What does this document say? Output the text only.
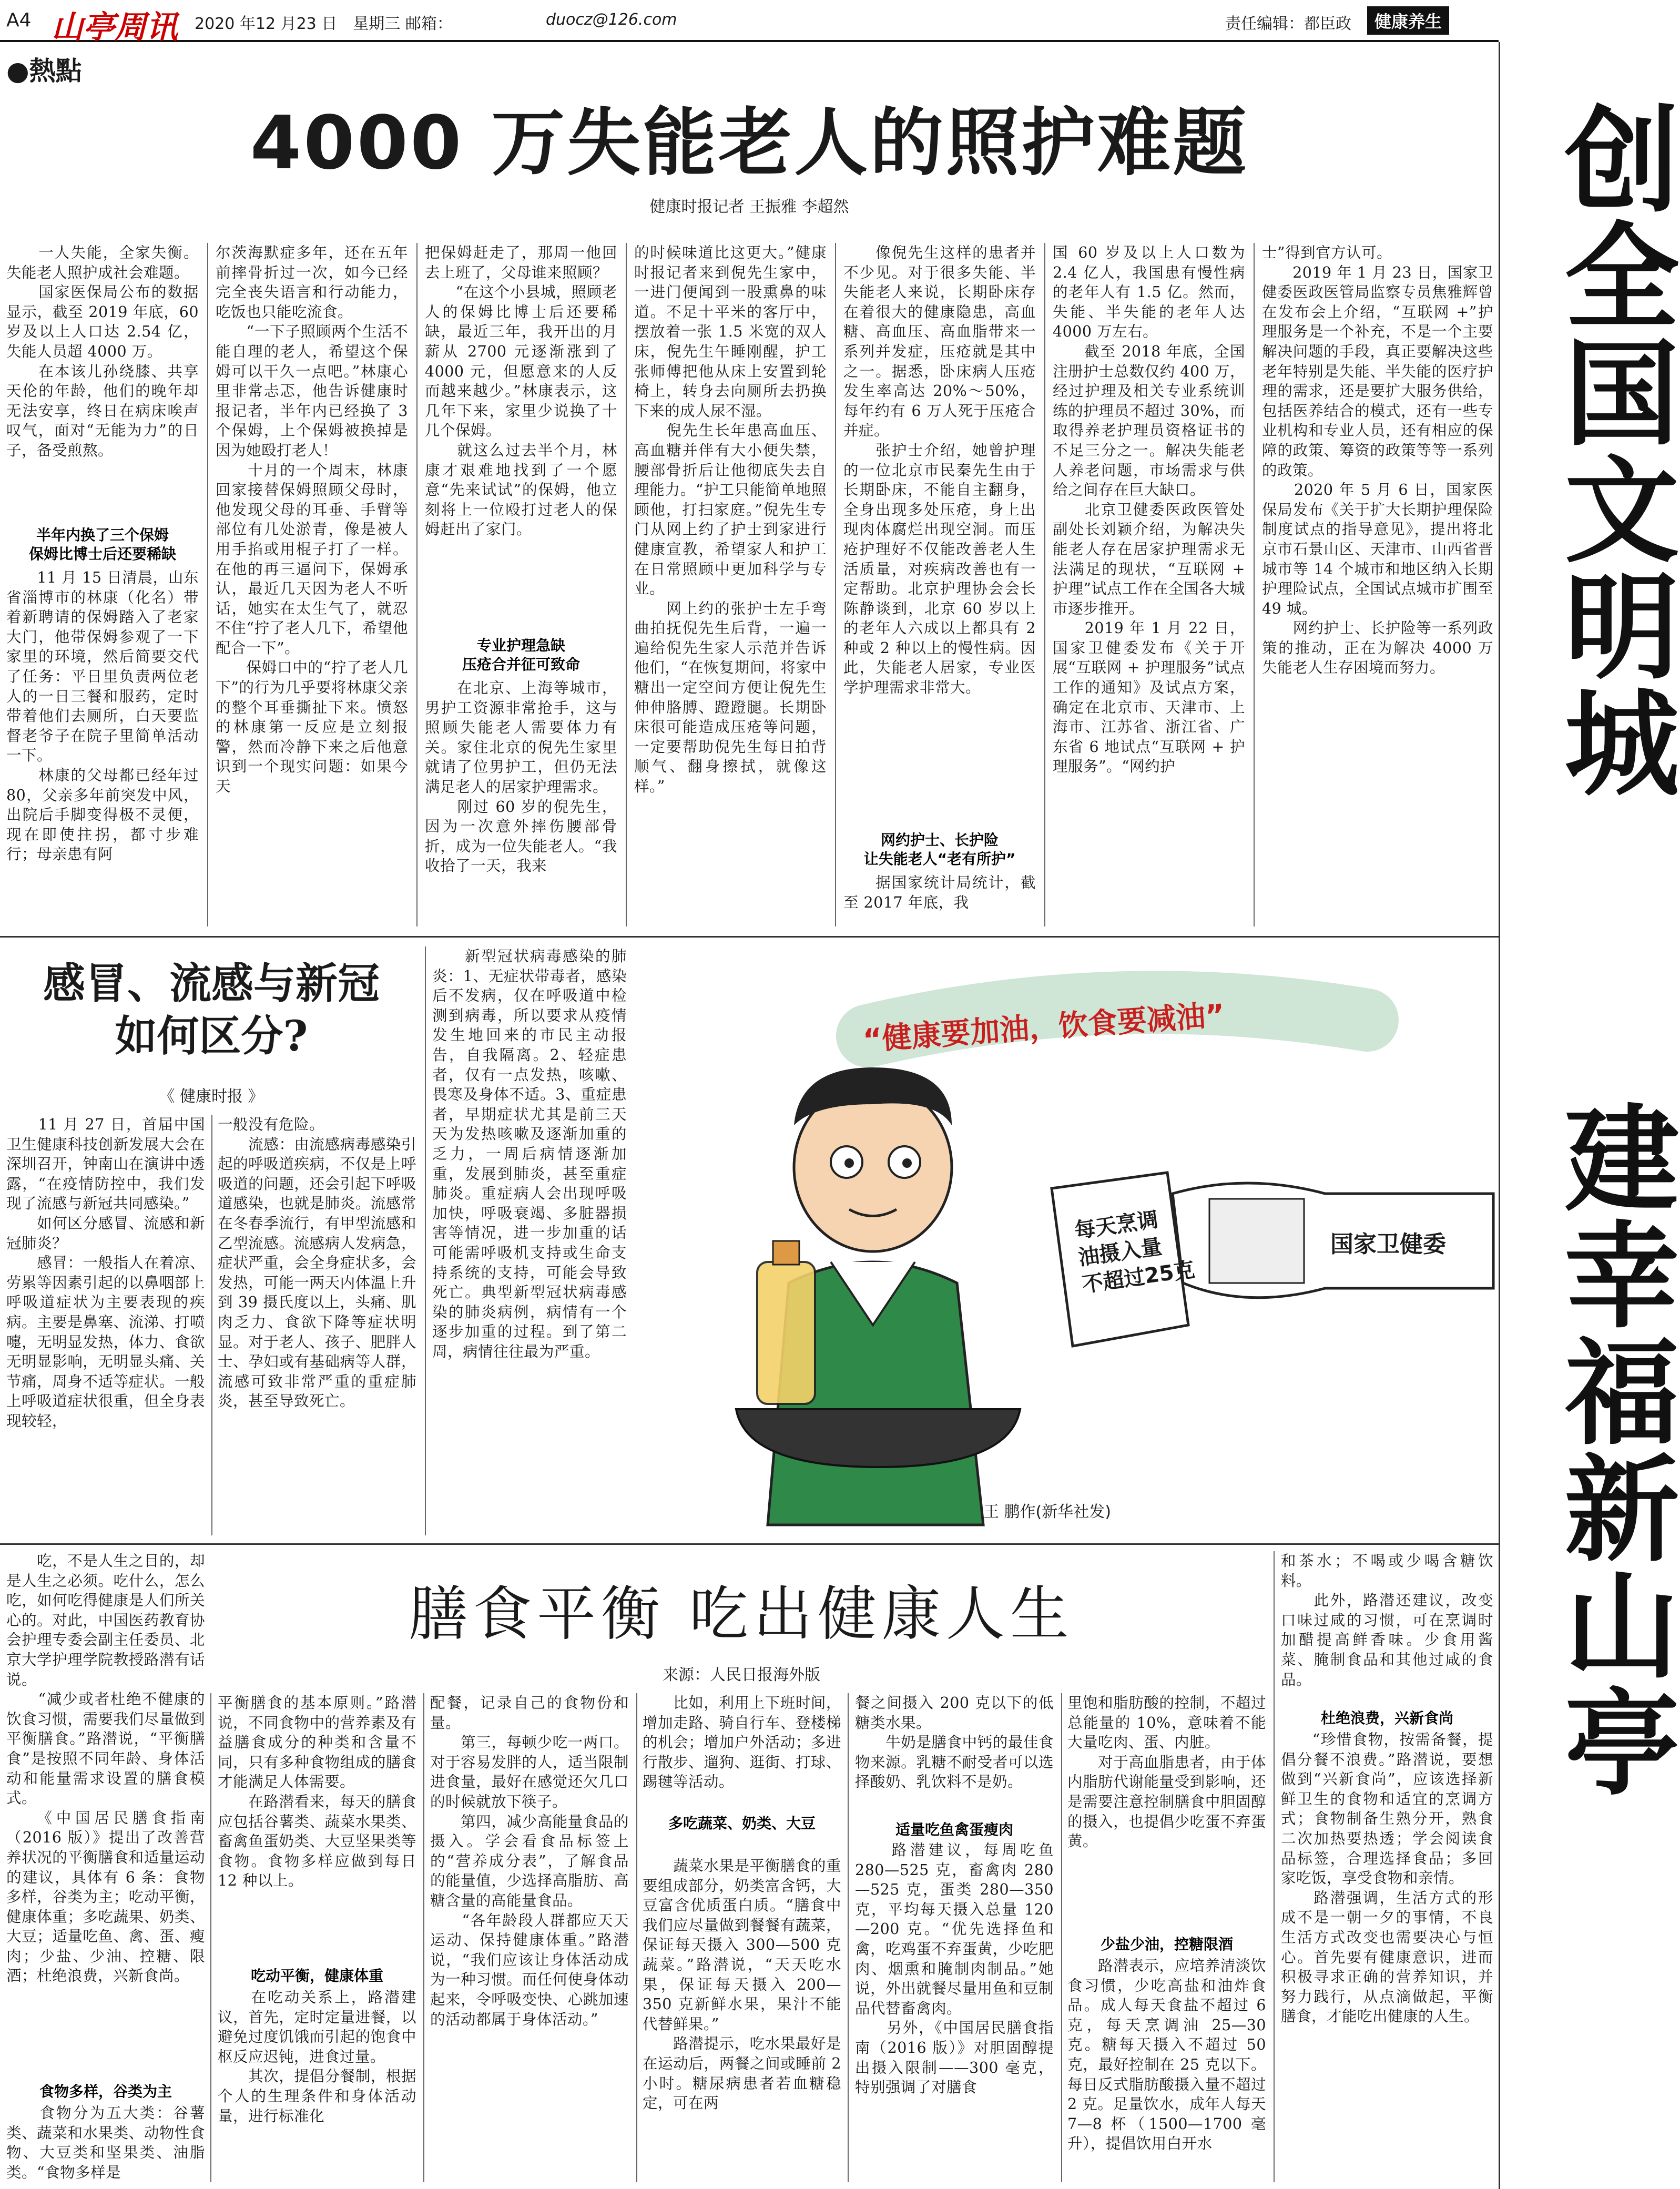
A4 山亭周讯 2020 年12 月23 日　星期三 邮箱：	duocz@126.com	责任编辑：都臣政	健康养生
创全国文明城
建幸福新山亭
●熱點
4000 万失能老人的照护难题
健康时报记者 王振雅 李超然
　　一人失能，全家失衡。失能老人照护成社会难题。
　　国家医保局公布的数据显示，截至 2019 年底，60 岁及以上人口达 2.54 亿，失能人员超 4000 万。
　　在本该儿孙绕膝、共享天伦的年龄，他们的晚年却无法安享，终日在病床唉声叹气，面对“无能为力”的日子，备受煎熬。
半年内换了三个保姆
保姆比博士后还要稀缺
　　11 月 15 日清晨，山东省淄博市的林康（化名）带着新聘请的保姆踏入了老家大门，他带保姆参观了一下家里的环境，然后简要交代了任务：平日里负责两位老人的一日三餐和服药，定时带着他们去厕所，白天要监督老爷子在院子里简单活动一下。
　　林康的父母都已经年过 80，父亲多年前突发中风，出院后手脚变得极不灵便，现在即使拄拐，都寸步难行；母亲患有阿
尔茨海默症多年，还在五年前摔骨折过一次，如今已经完全丧失语言和行动能力，吃饭也只能吃流食。
　　“一下子照顾两个生活不能自理的老人，希望这个保姆可以干久一点吧。”林康心里非常忐忑，他告诉健康时报记者，半年内已经换了 3 个保姆，上个保姆被换掉是因为她殴打老人！
　　十月的一个周末，林康回家接替保姆照顾父母时，他发现父母的耳垂、手臂等部位有几处淤青，像是被人用手掐或用棍子打了一样。在他的再三逼问下，保姆承认，最近几天因为老人不听话，她实在太生气了，就忍不住“拧了老人几下，希望他配合一下”。
　　保姆口中的“拧了老人几下”的行为几乎要将林康父亲的整个耳垂撕扯下来。愤怒的林康第一反应是立刻报警，然而冷静下来之后他意识到一个现实问题：如果今天
把保姆赶走了，那周一他回去上班了，父母谁来照顾？
　　“在这个小县城，照顾老人的保姆比博士后还要稀缺，最近三年，我开出的月薪从 2700 元逐渐涨到了 4000 元，但愿意来的人反而越来越少。”林康表示，这几年下来，家里少说换了十几个保姆。
　　就这么过去半个月，林康才艰难地找到了一个愿意“先来试试”的保姆，他立刻将上一位殴打过老人的保姆赶出了家门。
专业护理急缺
压疮合并征可致命
　　在北京、上海等城市，男护工资源非常抢手，这与照顾失能老人需要体力有关。家住北京的倪先生家里就请了位男护工，但仍无法满足老人的居家护理需求。
　　刚过 60 岁的倪先生，因为一次意外摔伤腰部骨折，成为一位失能老人。“我收拾了一天，我来
的时候味道比这更大。”健康时报记者来到倪先生家中，一进门便闻到一股熏鼻的味道。不足十平米的客厅中，摆放着一张 1.5 米宽的双人床，倪先生午睡刚醒，护工张师傅把他从床上安置到轮椅上，转身去向厕所去扔换下来的成人尿不湿。
　　倪先生长年患高血压、高血糖并伴有大小便失禁，腰部骨折后让他彻底失去自理能力。“护工只能简单地照顾他，打扫家庭。”倪先生专门从网上约了护士到家进行健康宣教，希望家人和护工在日常照顾中更加科学与专业。
　　网上约的张护士左手弯曲拍抚倪先生后背，一遍一遍给倪先生家人示范并告诉他们，“在恢复期间，将家中糖出一定空间方便让倪先生伸伸胳膊、蹬蹬腿。长期卧床很可能造成压疮等问题，一定要帮助倪先生每日拍背顺气、翻身擦拭，就像这样。”
　　像倪先生这样的患者并不少见。对于很多失能、半失能老人来说，长期卧床存在着很大的健康隐患，高血糖、高血压、高血脂带来一系列并发症，压疮就是其中之一。据悉，卧床病人压疮发生率高达 20%～50%，每年约有 6 万人死于压疮合并症。
　　张护士介绍，她曾护理的一位北京市民秦先生由于长期卧床，不能自主翻身，全身出现多处压疮，身上出现肉体腐烂出现空洞。而压疮护理好不仅能改善老人生活质量，对疾病改善也有一定帮助。北京护理协会会长陈静谈到，北京 60 岁以上的老年人六成以上都具有 2 种或 2 种以上的慢性病。因此，失能老人居家，专业医学护理需求非常大。
网约护士、长护险
让失能老人“老有所护”
　　据国家统计局统计，截至 2017 年底，我
国 60 岁及以上人口数为 2.4 亿人，我国患有慢性病的老年人有 1.5 亿。然而，失能、半失能的老年人达 4000 万左右。
　　截至 2018 年底，全国注册护士总数仅约 400 万，经过护理及相关专业系统训练的护理员不超过 30%，而取得养老护理员资格证书的不足三分之一。解决失能老人养老问题，市场需求与供给之间存在巨大缺口。
　　北京卫健委医政医管处副处长刘颖介绍，为解决失能老人存在居家护理需求无法满足的现状，“互联网 + 护理”试点工作在全国各大城市逐步推开。
　　2019 年 1 月 22 日，国家卫健委发布《关于开展“互联网 + 护理服务”试点工作的通知》及试点方案，确定在北京市、天津市、上海市、江苏省、浙江省、广东省 6 地试点“互联网 + 护理服务”。“网约护
士”得到官方认可。
　　2019 年 1 月 23 日，国家卫健委医政医管局监察专员焦雅辉曾在发布会上介绍，“互联网 +”护理服务是一个补充，不是一个主要解决问题的手段，真正要解决这些老年特别是失能、半失能的医疗护理的需求，还是要扩大服务供给，包括医养结合的模式，还有一些专业机构和专业人员，还有相应的保障的政策、筹资的政策等等一系列的政策。
　　2020 年 5 月 6 日，国家医保局发布《关于扩大长期护理保险制度试点的指导意见》，提出将北京市石景山区、天津市、山西省晋城市等 14 个城市和地区纳入长期护理险试点，全国试点城市扩围至 49 城。
　　网约护士、长护险等一系列政策的推动，正在为解决 4000 万失能老人生存困境而努力。
感冒、流感与新冠
如何区分?
《 健康时报 》
　　11 月 27 日，首届中国卫生健康科技创新发展大会在深圳召开，钟南山在演讲中透露，“在疫情防控中，我们发现了流感与新冠共同感染。”
　　如何区分感冒、流感和新冠肺炎？
　　感冒：一般指人在着凉、劳累等因素引起的以鼻咽部上呼吸道症状为主要表现的疾病。主要是鼻塞、流涕、打喷嚏，无明显发热，体力、食欲无明显影响，无明显头痛、关节痛，周身不适等症状。一般上呼吸道症状很重，但全身表现较轻，
一般没有危险。
　　流感：由流感病毒感染引起的呼吸道疾病，不仅是上呼吸道的问题，还会引起下呼吸道感染，也就是肺炎。流感常在冬春季流行，有甲型流感和乙型流感。流感病人发病急，症状严重，会全身症状多，会发热，可能一两天内体温上升到 39 摄氏度以上，头痛、肌肉乏力、食欲下降等症状明显。对于老人、孩子、肥胖人士、孕妇或有基础病等人群，流感可致非常严重的重症肺炎，甚至导致死亡。
　　新型冠状病毒感染的肺炎：1、无症状带毒者，感染后不发病，仅在呼吸道中检测到病毒，所以要求从疫情发生地回来的市民主动报告，自我隔离。2、轻症患者，仅有一点发热，咳嗽、畏寒及身体不适。3、重症患者，早期症状尤其是前三天天为发热咳嗽及逐渐加重的乏力，一周后病情逐渐加重，发展到肺炎，甚至重症肺炎。重症病人会出现呼吸加快，呼吸衰竭、多脏器损害等情况，进一步加重的话可能需呼吸机支持或生命支持系统的支持，可能会导致死亡。典型新型冠状病毒感染的肺炎病例，病情有一个逐步加重的过程。到了第二周，病情往往最为严重。
“健康要加油，饮食要减油”
每天烹调
油摄入量
不超过25克
国家卫健委
王 鹏作(新华社发)
膳食平衡 吃出健康人生
来源：人民日报海外版
　　吃，不是人生之目的，却是人生之必须。吃什么，怎么吃，如何吃得健康是人们所关心的。对此，中国医药教育协会护理专委会副主任委员、北京大学护理学院教授路潜有话说。
　　“减少或者杜绝不健康的饮食习惯，需要我们尽量做到平衡膳食。”路潜说，“平衡膳食”是按照不同年龄、身体活动和能量需求设置的膳食模式。
　　《中国居民膳食指南（2016 版）》提出了改善营养状况的平衡膳食和适量运动的建议，具体有 6 条：食物多样，谷类为主；吃动平衡，健康体重；多吃蔬果、奶类、大豆；适量吃鱼、禽、蛋、瘦肉；少盐、少油、控糖、限酒；杜绝浪费，兴新食尚。
食物多样，谷类为主
　　食物分为五大类：谷薯类、蔬菜和水果类、动物性食物、大豆类和坚果类、油脂类。“食物多样是
平衡膳食的基本原则。”路潜说，不同食物中的营养素及有益膳食成分的种类和含量不同，只有多种食物组成的膳食才能满足人体需要。
　　在路潜看来，每天的膳食应包括谷薯类、蔬菜水果类、畜禽鱼蛋奶类、大豆坚果类等食物。食物多样应做到每日 12 种以上。
吃动平衡，健康体重
　　在吃动关系上，路潜建议，首先，定时定量进餐，以避免过度饥饿而引起的饱食中枢反应迟钝，进食过量。
　　其次，提倡分餐制，根据个人的生理条件和身体活动量，进行标准化
配餐，记录自己的食物份和量。
　　第三，每顿少吃一两口。对于容易发胖的人，适当限制进食量，最好在感觉还欠几口的时候就放下筷子。
　　第四，减少高能量食品的摄入。学会看食品标签上的“营养成分表”，了解食品的能量值，少选择高脂肪、高糖含量的高能量食品。
　　“各年龄段人群都应天天运动、保持健康体重。”路潜说，“我们应该让身体活动成为一种习惯。而任何使身体动起来，令呼吸变快、心跳加速的活动都属于身体活动。”
　　比如，利用上下班时间，增加走路、骑自行车、登楼梯的机会；增加户外活动；多进行散步、遛狗、逛街、打球、踢毽等活动。
多吃蔬菜、奶类、大豆
　　蔬菜水果是平衡膳食的重要组成部分，奶类富含钙，大豆富含优质蛋白质。“膳食中我们应尽量做到餐餐有蔬菜，保证每天摄入 300—500 克蔬菜。”路潜说，“天天吃水果，保证每天摄入 200—350 克新鲜水果，果汁不能代替鲜果。”
　　路潜提示，吃水果最好是在运动后，两餐之间或睡前 2 小时。糖尿病患者若血糖稳定，可在两
餐之间摄入 200 克以下的低糖类水果。
　　牛奶是膳食中钙的最佳食物来源。乳糖不耐受者可以选择酸奶、乳饮料不是奶。
适量吃鱼禽蛋瘦肉
　　路潜建议，每周吃鱼 280—525 克，畜禽肉 280—525 克，蛋类 280—350 克，平均每天摄入总量 120—200 克。“优先选择鱼和禽，吃鸡蛋不弃蛋黄，少吃肥肉、烟熏和腌制肉制品。”她说，外出就餐尽量用鱼和豆制品代替畜禽肉。
　　另外，《中国居民膳食指南（2016 版）》对胆固醇提出摄入限制——300 毫克，特别强调了对膳食
里饱和脂肪酸的控制，不超过总能量的 10%，意味着不能大量吃肉、蛋、内脏。
　　对于高血脂患者，由于体内脂肪代谢能量受到影响，还是需要注意控制膳食中胆固醇的摄入，也提倡少吃蛋不弃蛋黄。
少盐少油，控糖限酒
　　路潜表示，应培养清淡饮食习惯，少吃高盐和油炸食品。成人每天食盐不超过 6 克，每天烹调油 25—30 克。糖每天摄入不超过 50 克，最好控制在 25 克以下。每日反式脂肪酸摄入量不超过 2 克。足量饮水，成年人每天 7—8 杯（1500—1700 毫升），提倡饮用白开水
和茶水；不喝或少喝含糖饮料。
　　此外，路潜还建议，改变口味过咸的习惯，可在烹调时加醋提高鲜香味。少食用酱菜、腌制食品和其他过咸的食品。
杜绝浪费，兴新食尚
　　“珍惜食物，按需备餐，提倡分餐不浪费。”路潜说，要想做到“兴新食尚”，应该选择新鲜卫生的食物和适宜的烹调方式；食物制备生熟分开，熟食二次加热要热透；学会阅读食品标签，合理选择食品；多回家吃饭，享受食物和亲情。
　　路潜强调，生活方式的形成不是一朝一夕的事情，不良生活方式改变也需要决心与恒心。首先要有健康意识，进而积极寻求正确的营养知识，并努力践行，从点滴做起，平衡膳食，才能吃出健康的人生。
